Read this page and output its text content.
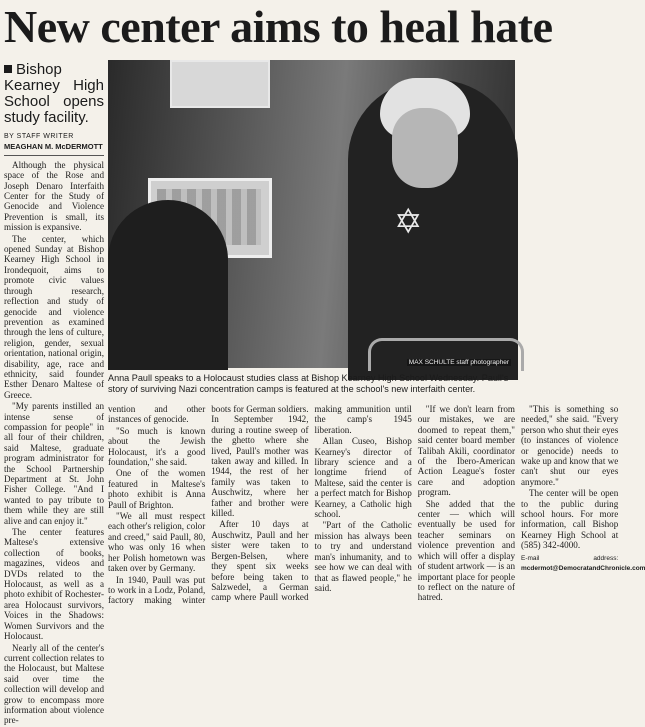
New center aims to heal hate
Bishop Kearney High School opens study facility.
BY STAFF WRITER
MEAGHAN M. McDERMOTT

Although the physical space of the Rose and Joseph Denaro Interfaith Center for the Study of Genocide and Violence Prevention is small, its mission is expansive.

The center, which opened Sunday at Bishop Kearney High School in Irondequoit, aims to promote civic values through research, reflection and study of genocide and violence prevention as examined through the lens of culture, religion, gender, sexual orientation, national origin, disability, age, race and ethnicity, said founder Esther Denaro Maltese of Greece.

"My parents instilled an intense sense of compassion for people" in all four of their children, said Maltese, graduate program administrator for the School Partnership Department at St. John Fisher College. "And I wanted to pay tribute to them while they are still alive and can enjoy it."

The center features Maltese's extensive collection of books, magazines, videos and DVDs related to the Holocaust, as well as a photo exhibit of Rochester-area Holocaust survivors, Voices in the Shadows: Women Survivors and the Holocaust.

Nearly all of the center's current collection relates to the Holocaust, but Maltese said over time the collection will develop and grow to encompass more information about violence pre-

✡
MAX SCHULTE staff photographer

Anna Paull speaks to a Holocaust studies class at Bishop Kearney High School Wednesday. Paull's story of surviving Nazi concentration camps is featured at the school's new interfaith center.

vention and other instances of genocide.

"So much is known about the Jewish Holocaust, it's a good foundation," she said.

One of the women featured in Maltese's photo exhibit is Anna Paull of Brighton.

"We all must respect each other's religion, color and creed," said Paull, 80, who was only 16 when her Polish hometown was taken over by Germany.

In 1940, Paull was put to work in a Lodz, Poland, factory making winter boots for German soldiers. In September 1942, during a routine sweep of the ghetto where she lived, Paull's mother was taken away and killed. In 1944, the rest of her family was taken to Auschwitz, where her father and brother were killed.

After 10 days at Auschwitz, Paull and her sister were taken to Bergen-Belsen, where they spent six weeks before being taken to Salzwedel, a German camp where Paull worked making ammunition until the camp's 1945 liberation.

Allan Cuseo, Bishop Kearney's director of library science and a longtime friend of Maltese, said the center is a perfect match for Bishop Kearney, a Catholic high school.

"Part of the Catholic mission has always been to try and understand man's inhumanity, and to see how we can deal with that as flawed people," he said.

"If we don't learn from our mistakes, we are doomed to repeat them," said center board member Talibah Akili, coordinator of the Ibero-American Action League's foster care and adoption program.

She added that the center — which will eventually be used for teacher seminars on violence prevention and which will offer a display of student artwork — is an important place for people to reflect on the nature of hatred.

"This is something so needed," she said. "Every person who shut their eyes (to instances of violence or genocide) needs to wake up and know that we can't shut our eyes anymore."

The center will be open to the public during school hours. For more information, call Bishop Kearney High School at (585) 342-4000.

E-mail address: mcdermot@DemocratandChronicle.com
